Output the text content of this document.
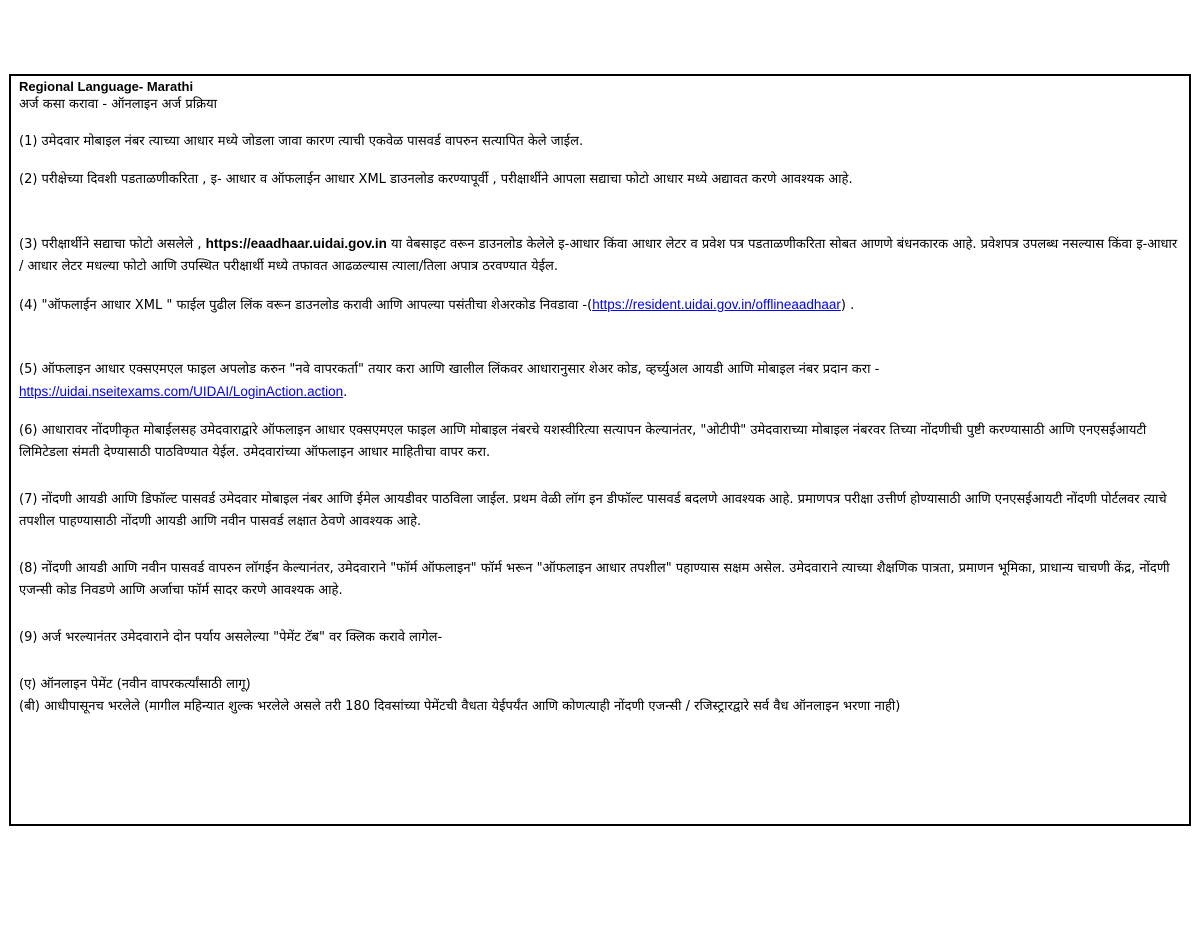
Regional Language- Marathi
अर्ज कसा करावा - ऑनलाइन अर्ज प्रक्रिया

(1) उमेदवार मोबाइल नंबर त्याच्या आधार मध्ये जोडला जावा कारण त्याची एकवेळ पासवर्ड वापरुन सत्यापित केले जाईल.

(2) परीक्षेच्या दिवशी पडताळणीकरिता , इ- आधार व ऑफलाईन आधार XML डाउनलोड करण्यापूर्वी , परीक्षार्थीने आपला सद्याचा फोटो आधार मध्ये अद्यावत करणे आवश्यक आहे.

(3) परीक्षार्थीने सद्याचा फोटो असलेले , https://eaadhaar.uidai.gov.in या वेबसाइट वरून डाउनलोड केलेले इ-आधार किंवा आधार लेटर व प्रवेश पत्र पडताळणीकरिता सोबत आणणे बंधनकारक आहे. प्रवेशपत्र उपलब्ध नसल्यास किंवा इ-आधार / आधार लेटर मधल्या फोटो आणि उपस्थित परीक्षार्थी मध्ये तफावत आढळल्यास त्याला/तिला अपात्र ठरवण्यात येईल.

(4) "ऑफलाईन आधार XML " फाईल पुढील लिंक वरून डाउनलोड करावी आणि आपल्या पसंतीचा शेअरकोड निवडावा -(https://resident.uidai.gov.in/offlineaadhaar) .

(5) ऑफलाइन आधार एक्सएमएल फाइल अपलोड करुन "नवे वापरकर्ता" तयार करा आणि खालील लिंकवर आधारानुसार शेअर कोड, व्हर्च्युअल आयडी आणि मोबाइल नंबर प्रदान करा - https://uidai.nseitexams.com/UIDAI/LoginAction.action.

(6) आधारावर नोंदणीकृत मोबाईलसह उमेदवाराद्वारे ऑफलाइन आधार एक्सएमएल फाइल आणि मोबाइल नंबरचे यशस्वीरित्या सत्यापन केल्यानंतर, "ओटीपी" उमेदवाराच्या मोबाइल नंबरवर तिच्या नोंदणीची पुष्टी करण्यासाठी आणि एनएसईआयटी लिमिटेडला संमती देण्यासाठी पाठविण्यात येईल. उमेदवारांच्या ऑफलाइन आधार माहितीचा वापर करा.

(7) नोंदणी आयडी आणि डिफॉल्ट पासवर्ड उमेदवार मोबाइल नंबर आणि ईमेल आयडीवर पाठविला जाईल. प्रथम वेळी लॉग इन डीफॉल्ट पासवर्ड बदलणे आवश्यक आहे. प्रमाणपत्र परीक्षा उत्तीर्ण होण्यासाठी आणि एनएसईआयटी नोंदणी पोर्टलवर त्याचे तपशील पाहण्यासाठी नोंदणी आयडी आणि नवीन पासवर्ड लक्षात ठेवणे आवश्यक आहे.

(8) नोंदणी आयडी आणि नवीन पासवर्ड वापरुन लॉगईन केल्यानंतर, उमेदवाराने "फॉर्म ऑफलाइन" फॉर्म भरून "ऑफलाइन आधार तपशील" पहाण्यास सक्षम असेल. उमेदवाराने त्याच्या शैक्षणिक पात्रता, प्रमाणन भूमिका, प्राधान्य चाचणी केंद्र, नोंदणी एजन्सी कोड निवडणे आणि अर्जाचा फॉर्म सादर करणे आवश्यक आहे.

(9) अर्ज भरल्यानंतर उमेदवाराने दोन पर्याय असलेल्या "पेमेंट टॅब" वर क्लिक करावे लागेल-

(ए) ऑनलाइन पेमेंट (नवीन वापरकर्त्यांसाठी लागू)

(बी) आधीपासूनच भरलेले (मागील महिन्यात शुल्क भरलेले असले तरी 180 दिवसांच्या पेमेंटची वैधता येईपर्यंत आणि कोणत्याही नोंदणी एजन्सी / रजिस्ट्रारद्वारे सर्व वैध ऑनलाइन भरणा नाही)
